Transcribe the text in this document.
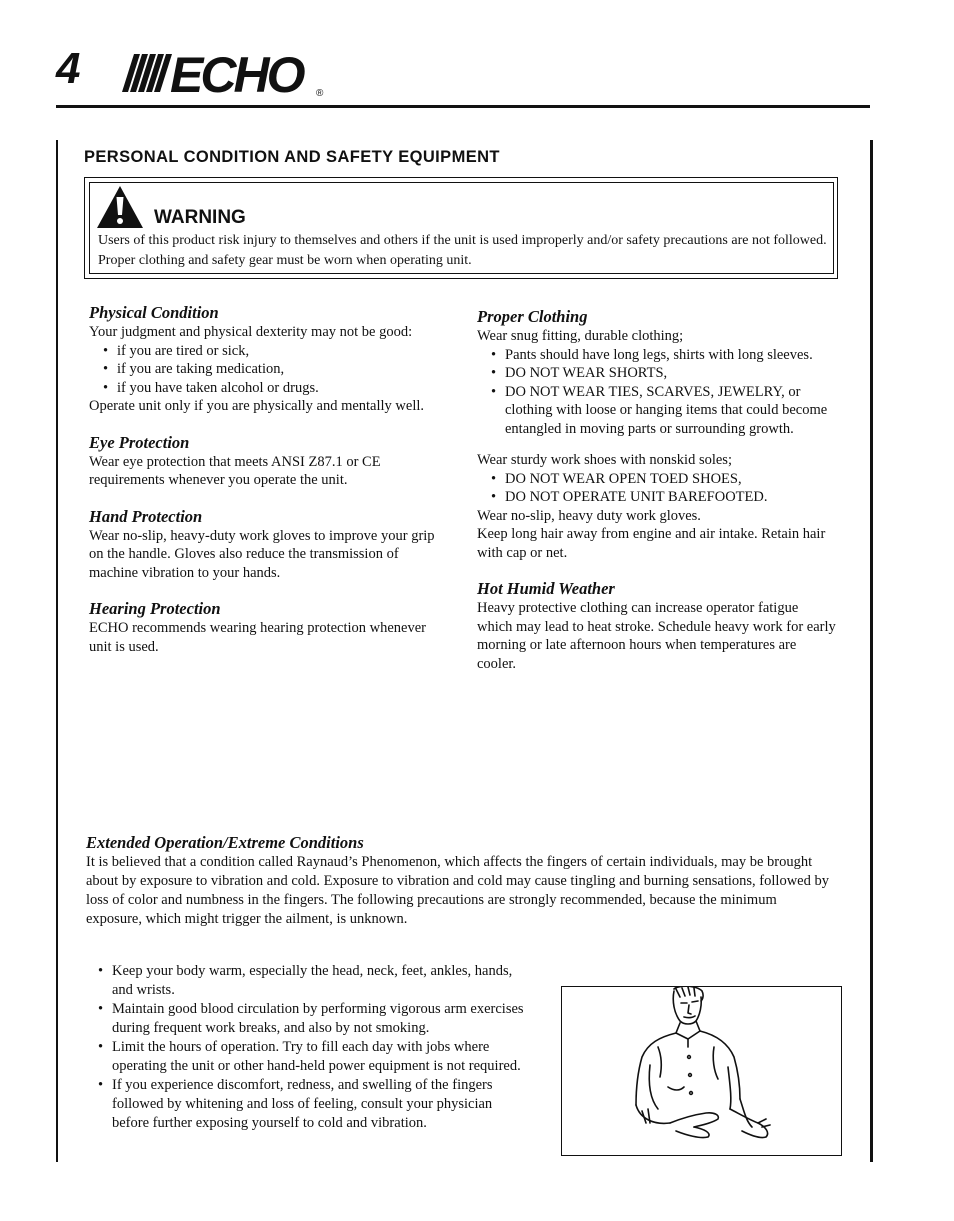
4 ECHO	®
PERSONAL CONDITION AND SAFETY EQUIPMENT
WARNING
Users of this product risk injury to themselves and others if the unit is used improperly and/or safety precautions are not followed. Proper clothing and safety gear must be worn when operating unit.
Physical Condition

Your judgment and physical dexterity may not be good:

• if you are tired or sick,
• if you are taking medication,
• if you have taken alcohol or drugs.

Operate unit only if you are physically and mentally well.

Eye Protection

Wear eye protection that meets ANSI Z87.1 or CE requirements whenever you operate the unit.

Hand Protection

Wear no-slip, heavy-duty work gloves to improve your grip on the handle. Gloves also reduce the transmission of machine vibration to your hands.

Hearing Protection

ECHO recommends wearing hearing protection whenever unit is used.

Proper Clothing

Wear snug fitting, durable clothing;

• Pants should have long legs, shirts with long sleeves.
• DO NOT WEAR SHORTS,
• DO NOT WEAR TIES, SCARVES, JEWELRY, or clothing with loose or hanging items that could become entangled in moving parts or surrounding growth.

Wear sturdy work shoes with nonskid soles;

• DO NOT WEAR OPEN TOED SHOES,
• DO NOT OPERATE UNIT BAREFOOTED.

Wear no-slip, heavy duty work gloves.

Keep long hair away from engine and air intake. Retain hair with cap or net.

Hot Humid Weather

Heavy protective clothing can increase operator fatigue which may lead to heat stroke. Schedule heavy work for early morning or late afternoon hours when temperatures are cooler.

Extended Operation/Extreme Conditions

It is believed that a condition called Raynaud’s Phenomenon, which affects the fingers of certain individuals, may be brought about by exposure to vibration and cold. Exposure to vibration and cold may cause tingling and burning sensations, followed by loss of color and numbness in the fingers. The following precautions are strongly recommended, because the minimum exposure, which might trigger the ailment, is unknown.

• Keep your body warm, especially the head, neck, feet, ankles, hands, and wrists.
• Maintain good blood circulation by performing vigorous arm exercises during frequent work breaks, and also by not smoking.
• Limit the hours of operation. Try to fill each day with jobs where operating the unit or other hand-held power equipment is not required.
• If you experience discomfort, redness, and swelling of the fingers followed by whitening and loss of feeling, consult your physician before further exposing yourself to cold and vibration.
